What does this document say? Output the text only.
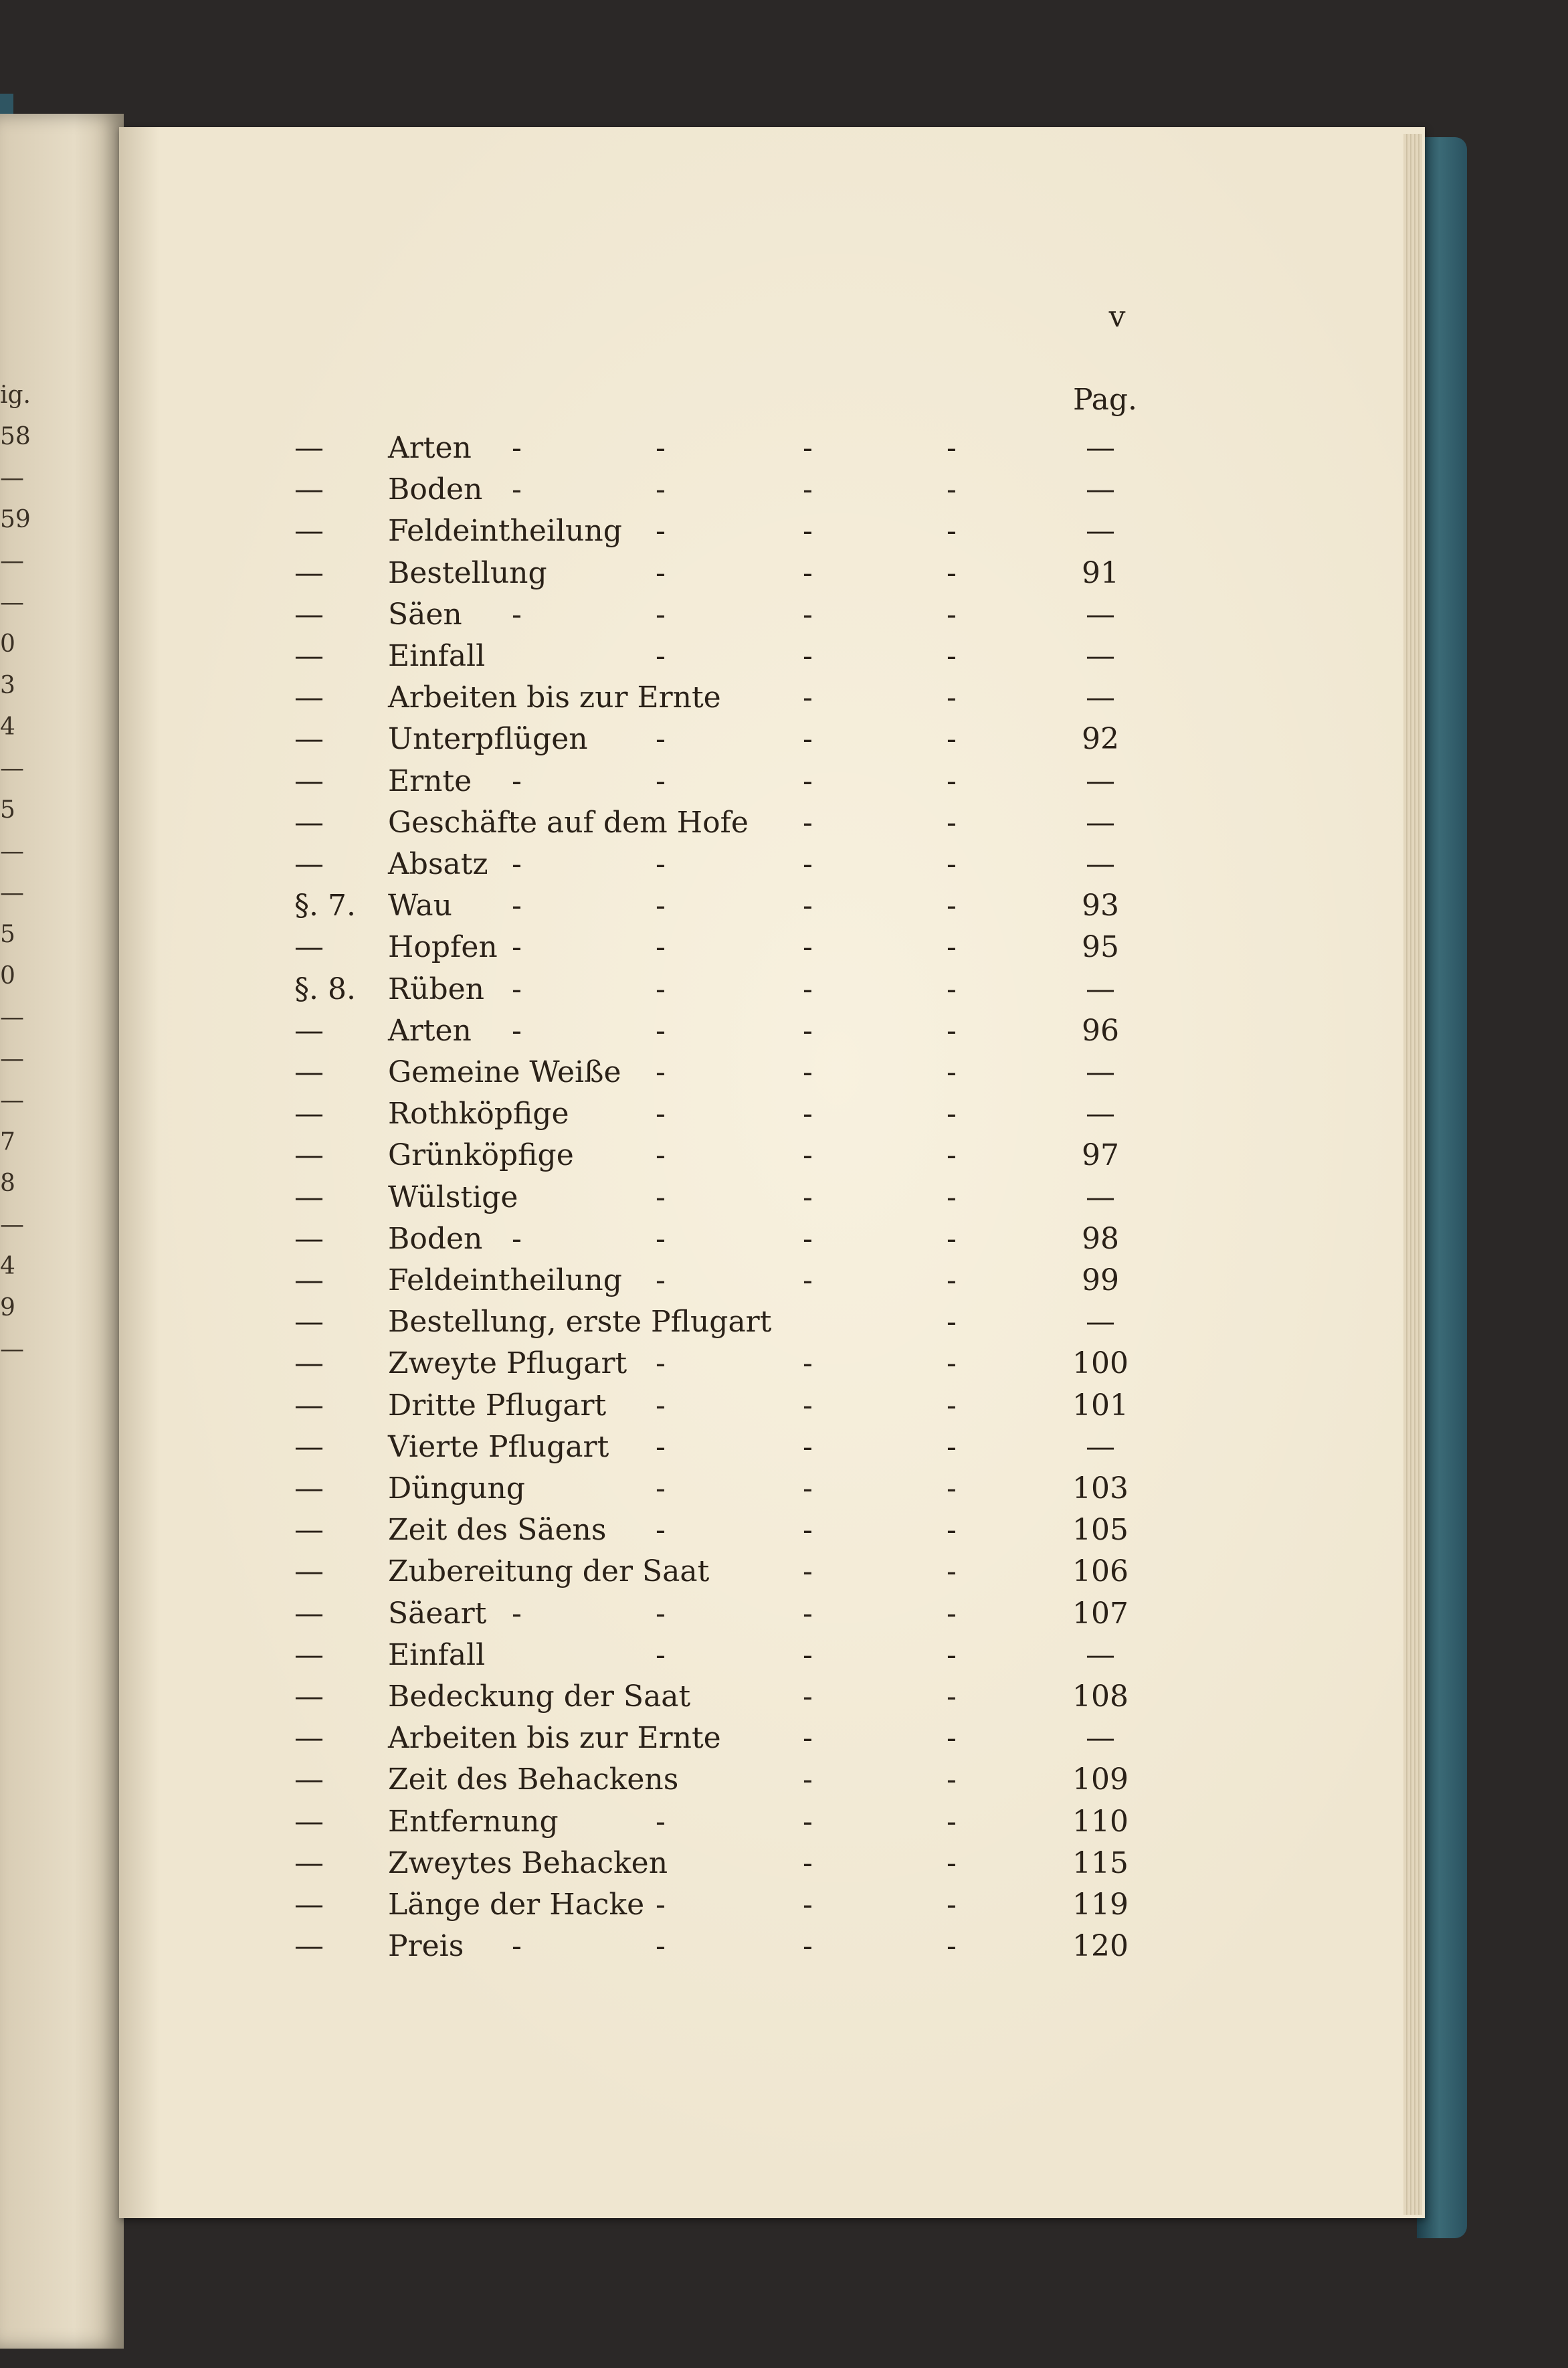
ig.
58
—
59
—
—
0
3
4
—
5
—
—
5
0
—
—
—
7
8
—
4
9
—
v
Pag.
—	Arten -	-	-	-	—
—	Boden -	-	-	-	—
—	Feldeintheilung -	-	-	—
—	Bestellung	-	-	-	91
—	Säen -	-	-	-	—
—	Einfall	-	-	-	—
—	Arbeiten bis zur Ernte	-	-	—
—	Unterpflügen -	-	-	92
—	Ernte -	-	-	-	—
—	Geschäfte auf dem Hofe -	-	—
—	Absatz -	-	-	-	—
§. 7.	Wau -	-	-	-	93
—	Hopfen -	-	-	-	95
§. 8.	Rüben -	-	-	-	—
—	Arten -	-	-	-	96
—	Gemeine Weiße -	-	-	—
—	Rothköpfige	-	-	-	—
—	Grünköpfige	-	-	-	97
—	Wülstige	-	-	-	—
—	Boden -	-	-	-	98
—	Feldeintheilung -	-	-	99
—	Bestellung, erste Pflugart	-	—
—	Zweyte Pflugart -	-	-	100
—	Dritte Pflugart -	-	-	101
—	Vierte Pflugart -	-	-	—
—	Düngung	-	-	-	103
—	Zeit des Säens -	-	-	105
—	Zubereitung der Saat	-	-	106
—	Säeart -	-	-	-	107
—	Einfall	-	-	-	—
—	Bedeckung der Saat	-	-	108
—	Arbeiten bis zur Ernte	-	-	—
—	Zeit des Behackens	-	-	109
—	Entfernung	-	-	-	110
—	Zweytes Behacken	-	-	115
—	Länge der Hacke -	-	-	119
—	Preis -	-	-	-	120
